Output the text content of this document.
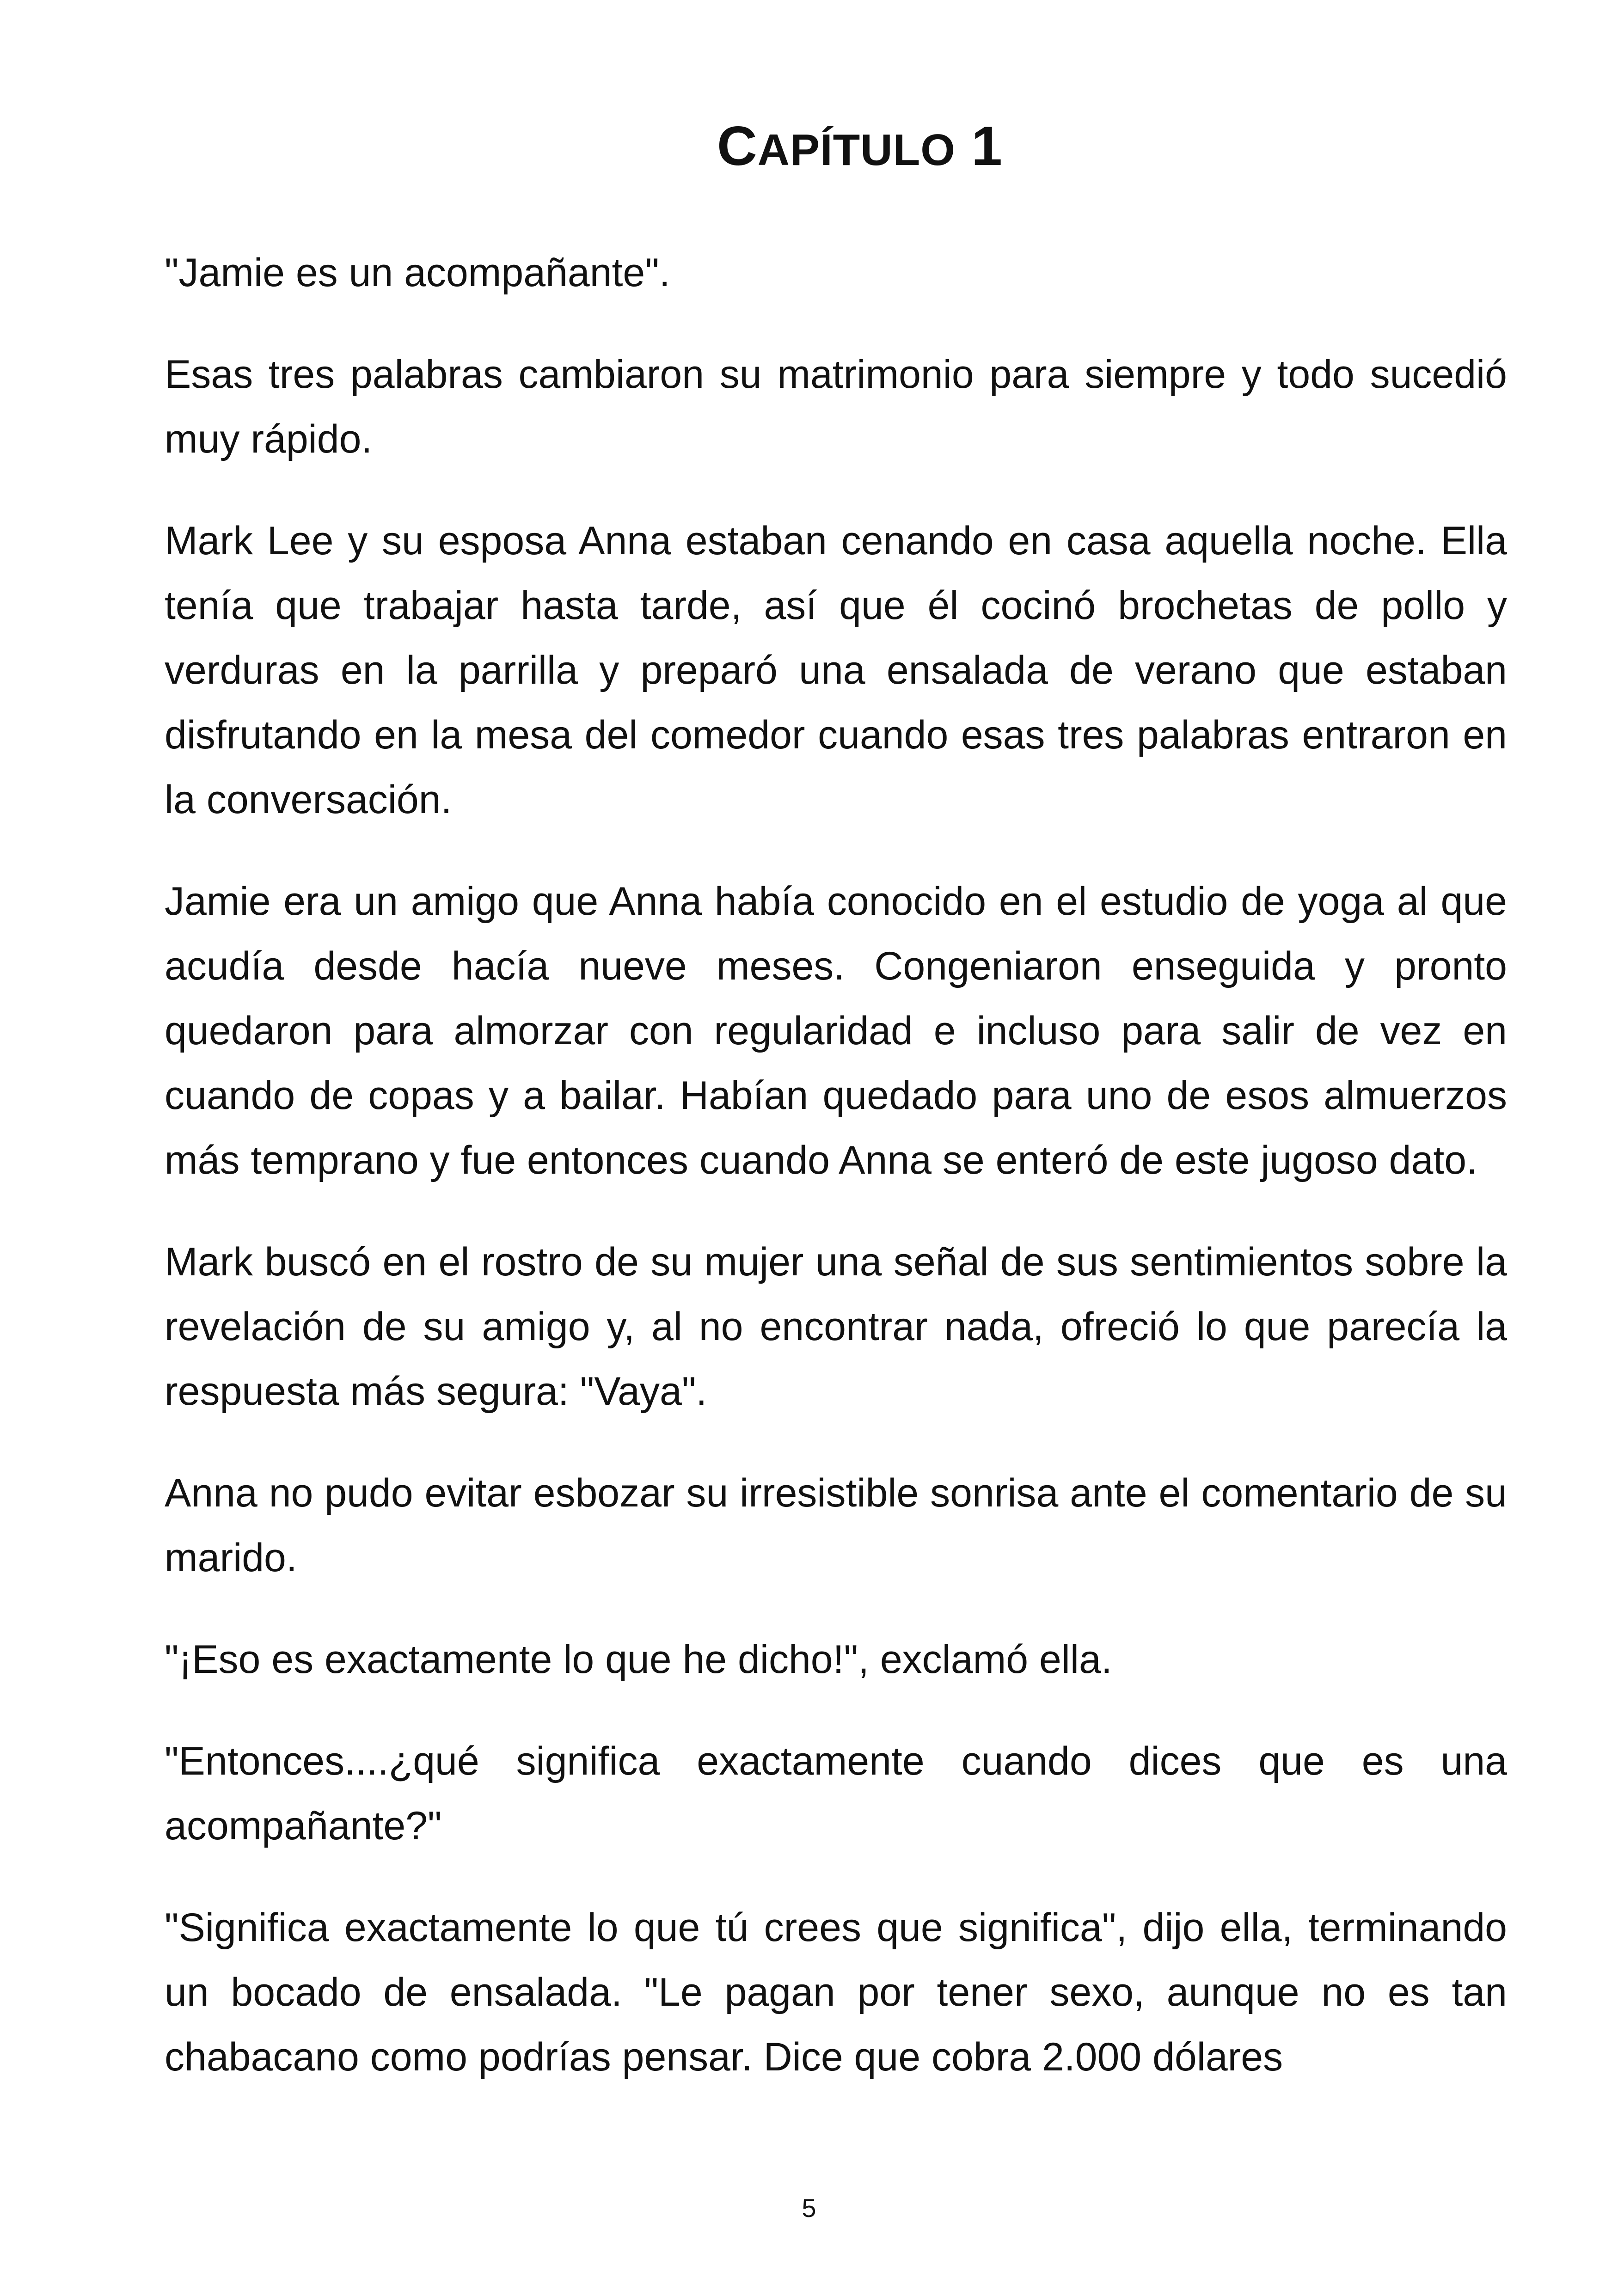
CAPÍTULO 1

"Jamie es un acompañante".

Esas tres palabras cambiaron su matrimonio para siempre y todo sucedió muy rápido.

Mark Lee y su esposa Anna estaban cenando en casa aquella noche. Ella tenía que trabajar hasta tarde, así que él cocinó brochetas de pollo y verduras en la parrilla y preparó una ensalada de verano que estaban disfrutando en la mesa del comedor cuando esas tres palabras entraron en la conversación.

Jamie era un amigo que Anna había conocido en el estudio de yoga al que acudía desde hacía nueve meses. Congeniaron enseguida y pronto quedaron para almorzar con regularidad e incluso para salir de vez en cuando de copas y a bailar. Habían quedado para uno de esos almuerzos más temprano y fue entonces cuando Anna se enteró de este jugoso dato.

Mark buscó en el rostro de su mujer una señal de sus sentimientos sobre la revelación de su amigo y, al no encontrar nada, ofreció lo que parecía la respuesta más segura: "Vaya".

Anna no pudo evitar esbozar su irresistible sonrisa ante el comentario de su marido.

"¡Eso es exactamente lo que he dicho!", exclamó ella.

"Entonces....¿qué significa exactamente cuando dices que es una acompañante?"

"Significa exactamente lo que tú crees que significa", dijo ella, terminando un bocado de ensalada. "Le pagan por tener sexo, aunque no es tan chabacano como podrías pensar. Dice que cobra 2.000 dólares

5
